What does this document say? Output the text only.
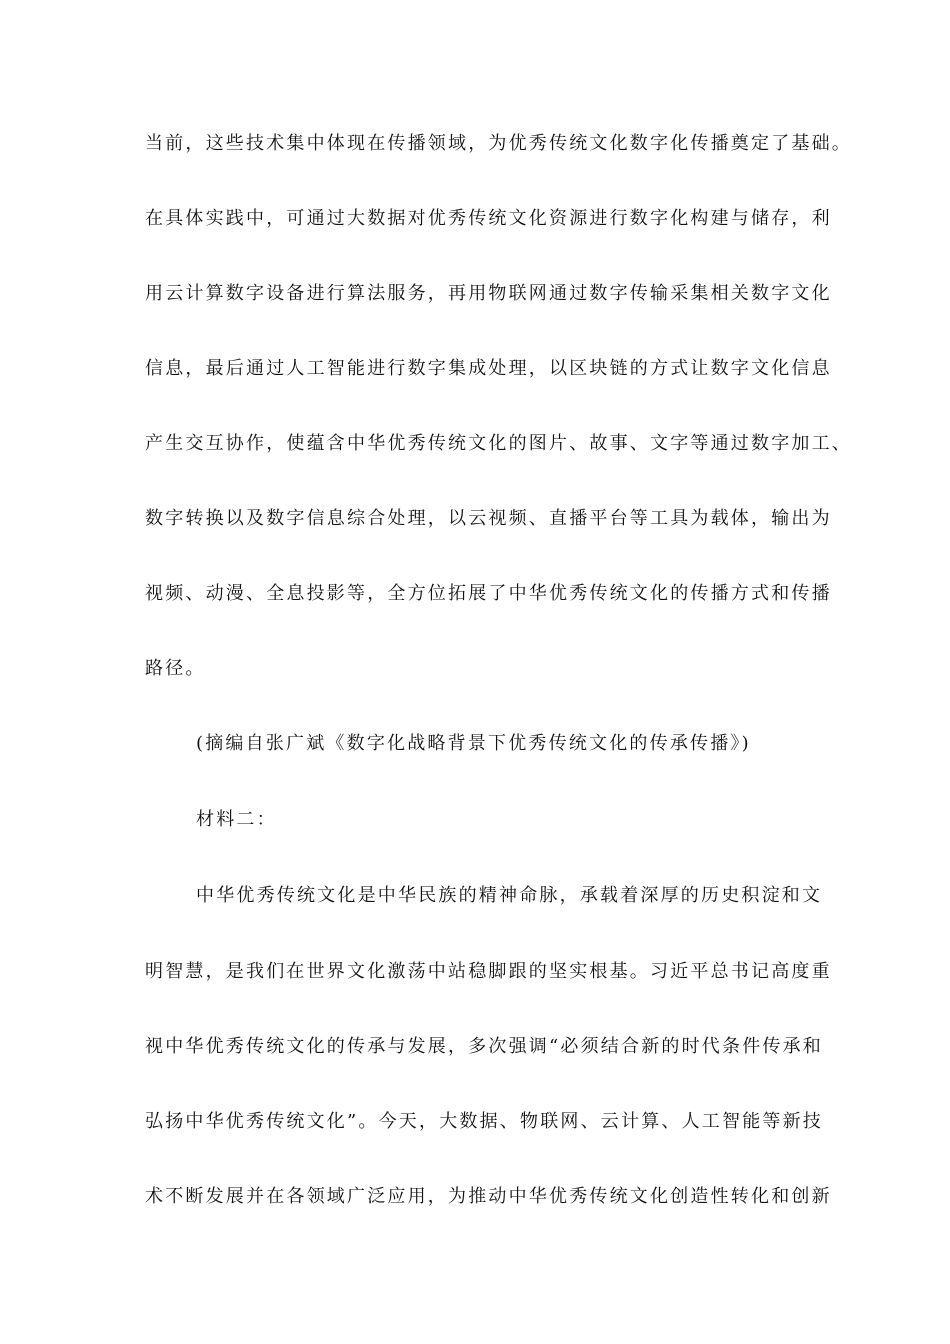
当前，这些技术集中体现在传播领域，为优秀传统文化数字化传播奠定了基础。
在具体实践中，可通过大数据对优秀传统文化资源进行数字化构建与储存，利
用云计算数字设备进行算法服务，再用物联网通过数字传输采集相关数字文化
信息，最后通过人工智能进行数字集成处理，以区块链的方式让数字文化信息
产生交互协作，使蕴含中华优秀传统文化的图片、故事、文字等通过数字加工、
数字转换以及数字信息综合处理，以云视频、直播平台等工具为载体，输出为
视频、动漫、全息投影等，全方位拓展了中华优秀传统文化的传播方式和传播
路径。
(摘编自张广斌《数字化战略背景下优秀传统文化的传承传播》)
材料二：
中华优秀传统文化是中华民族的精神命脉，承载着深厚的历史积淀和文
明智慧，是我们在世界文化激荡中站稳脚跟的坚实根基。习近平总书记高度重
视中华优秀传统文化的传承与发展，多次强调“必须结合新的时代条件传承和
弘扬中华优秀传统文化”。今天，大数据、物联网、云计算、人工智能等新技
术不断发展并在各领域广泛应用，为推动中华优秀传统文化创造性转化和创新
